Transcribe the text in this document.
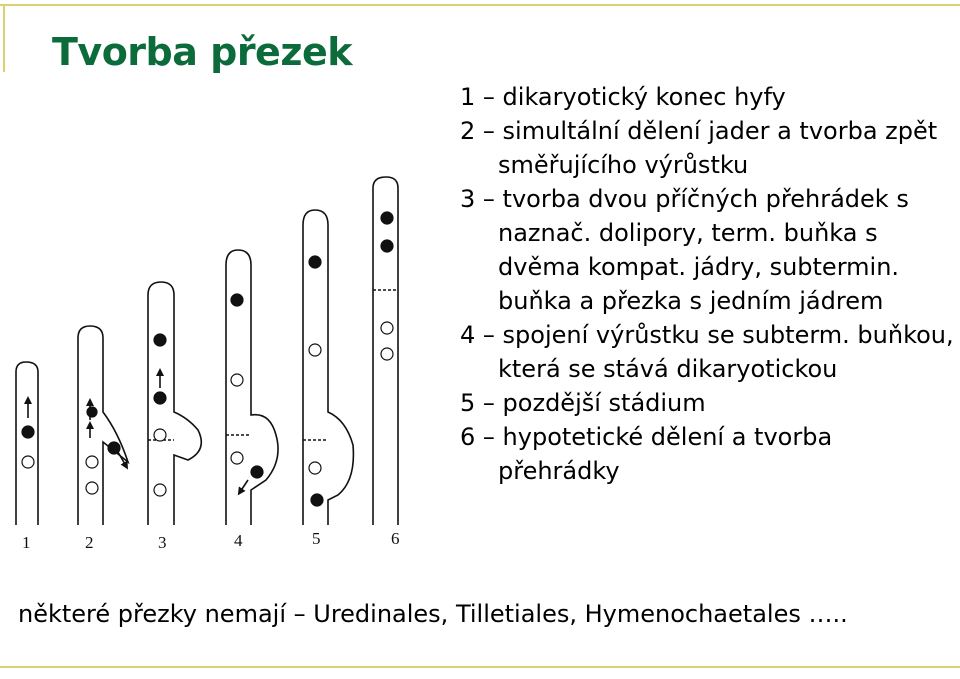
Tvorba přezek
1 – dikaryotický konec hyfy
2 – simultální dělení jader a tvorba zpět směřujícího výrůstku
3 – tvorba dvou příčných přehrádek s naznač. dolipory, term. buňka s dvěma kompat. jádry, subtermin. buňka a přezka s jedním jádrem
4 – spojení výrůstku se subterm. buňkou, která se stává dikaryotickou
5 – pozdější stádium
6 – hypotetické dělení a tvorba přehrádky
1	2	3	4	5	6

některé přezky nemají – Uredinales, Tilletiales, Hymenochaetales …..
